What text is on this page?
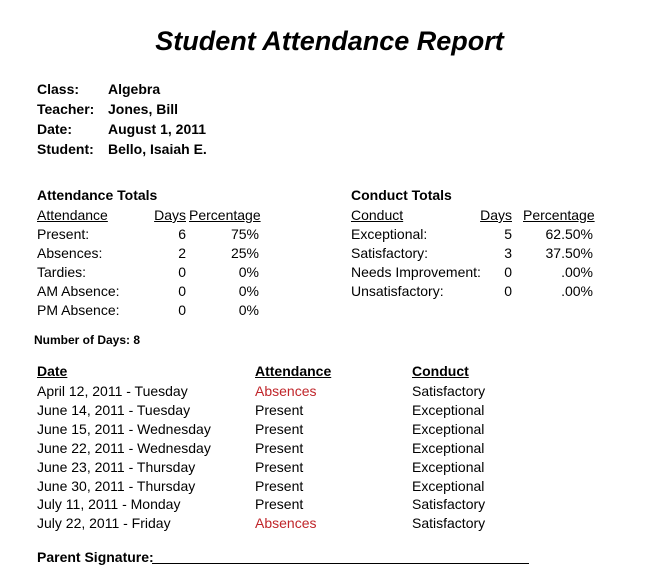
Student Attendance Report
Class: Algebra
Teacher: Jones, Bill
Date:	August 1, 2011
Student: Bello, Isaiah E.
Attendance Totals
Attendance	Days Percentage
Present:	6	75%
Absences:	2	25%
Tardies:	0	0%
AM Absence:	0	0%
PM Absence:	0	0%
Conduct Totals
Conduct	Days Percentage
Exceptional:	5	62.50%
Satisfactory:	3	37.50%
Needs Improvement:	0	.00%
Unsatisfactory:	0	.00%
Number of Days: 8
Date	Attendance	Conduct
April 12, 2011 - Tuesday	Absences	Satisfactory
June 14, 2011 - Tuesday	Present	Exceptional
June 15, 2011 - Wednesday	Present	Exceptional
June 22, 2011 - Wednesday	Present	Exceptional
June 23, 2011 - Thursday	Present	Exceptional
June 30, 2011 - Thursday	Present	Exceptional
July 11, 2011 - Monday	Present	Satisfactory
July 22, 2011 - Friday	Absences	Satisfactory
Parent Signature:
